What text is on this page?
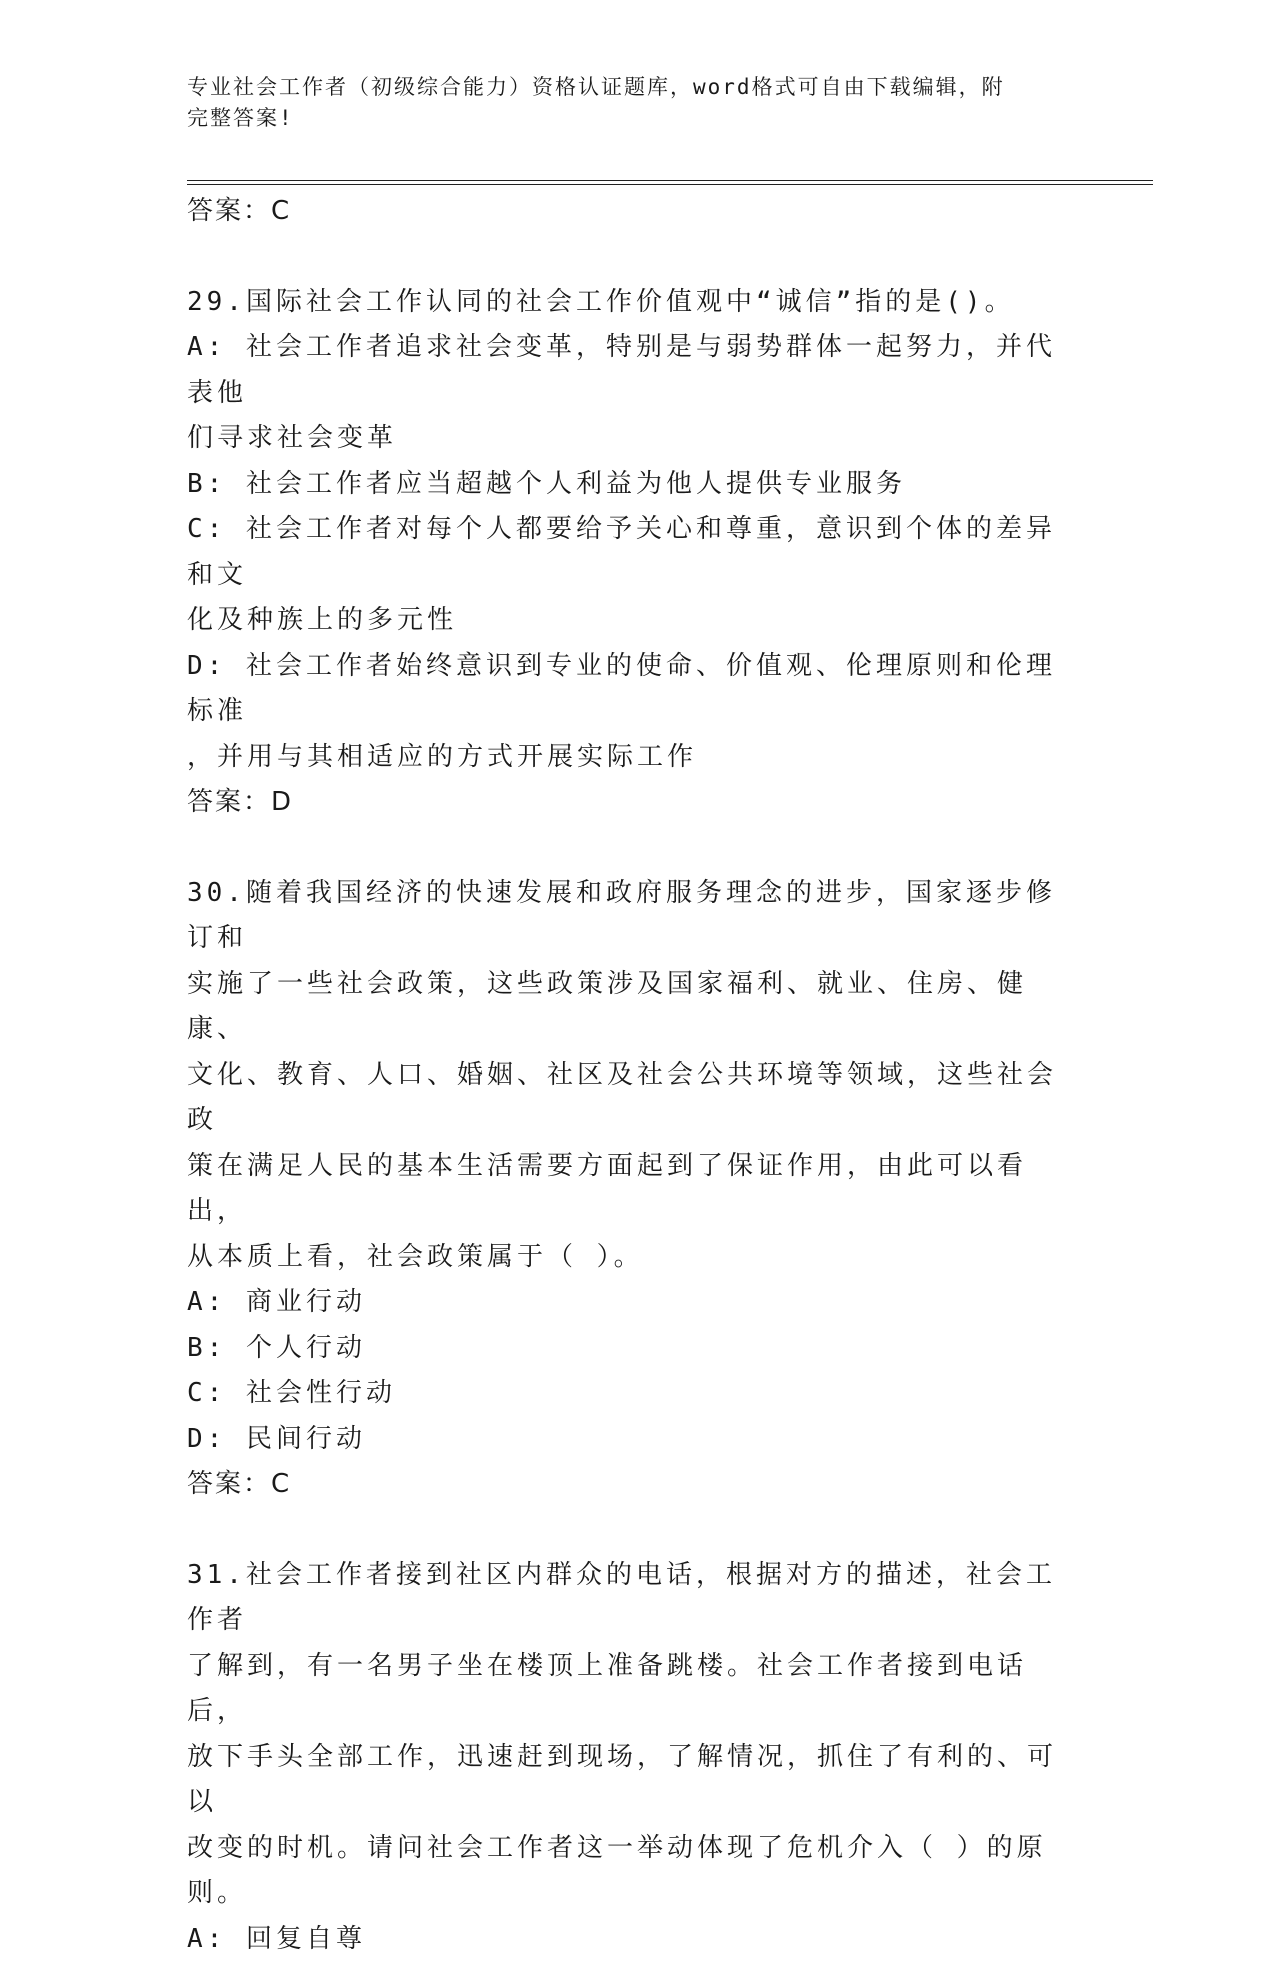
专业社会工作者（初级综合能力）资格认证题库，word格式可自由下载编辑，附
完整答案!

答案：C

29.国际社会工作认同的社会工作价值观中“诚信”指的是()。

A: 社会工作者追求社会变革，特别是与弱势群体一起努力，并代表他

们寻求社会变革

B: 社会工作者应当超越个人利益为他人提供专业服务

C: 社会工作者对每个人都要给予关心和尊重，意识到个体的差异和文

化及种族上的多元性

D: 社会工作者始终意识到专业的使命、价值观、伦理原则和伦理标准

，并用与其相适应的方式开展实际工作

答案：D

30.随着我国经济的快速发展和政府服务理念的进步，国家逐步修订和

实施了一些社会政策，这些政策涉及国家福利、就业、住房、健康、

文化、教育、人口、婚姻、社区及社会公共环境等领域，这些社会政

策在满足人民的基本生活需要方面起到了保证作用，由此可以看出，

从本质上看，社会政策属于（ ）。

A: 商业行动

B: 个人行动

C: 社会性行动

D: 民间行动

答案：C

31.社会工作者接到社区内群众的电话，根据对方的描述，社会工作者

了解到，有一名男子坐在楼顶上准备跳楼。社会工作者接到电话后，

放下手头全部工作，迅速赶到现场，了解情况，抓住了有利的、可以

改变的时机。请问社会工作者这一举动体现了危机介入（ ）的原则。

A: 回复自尊
